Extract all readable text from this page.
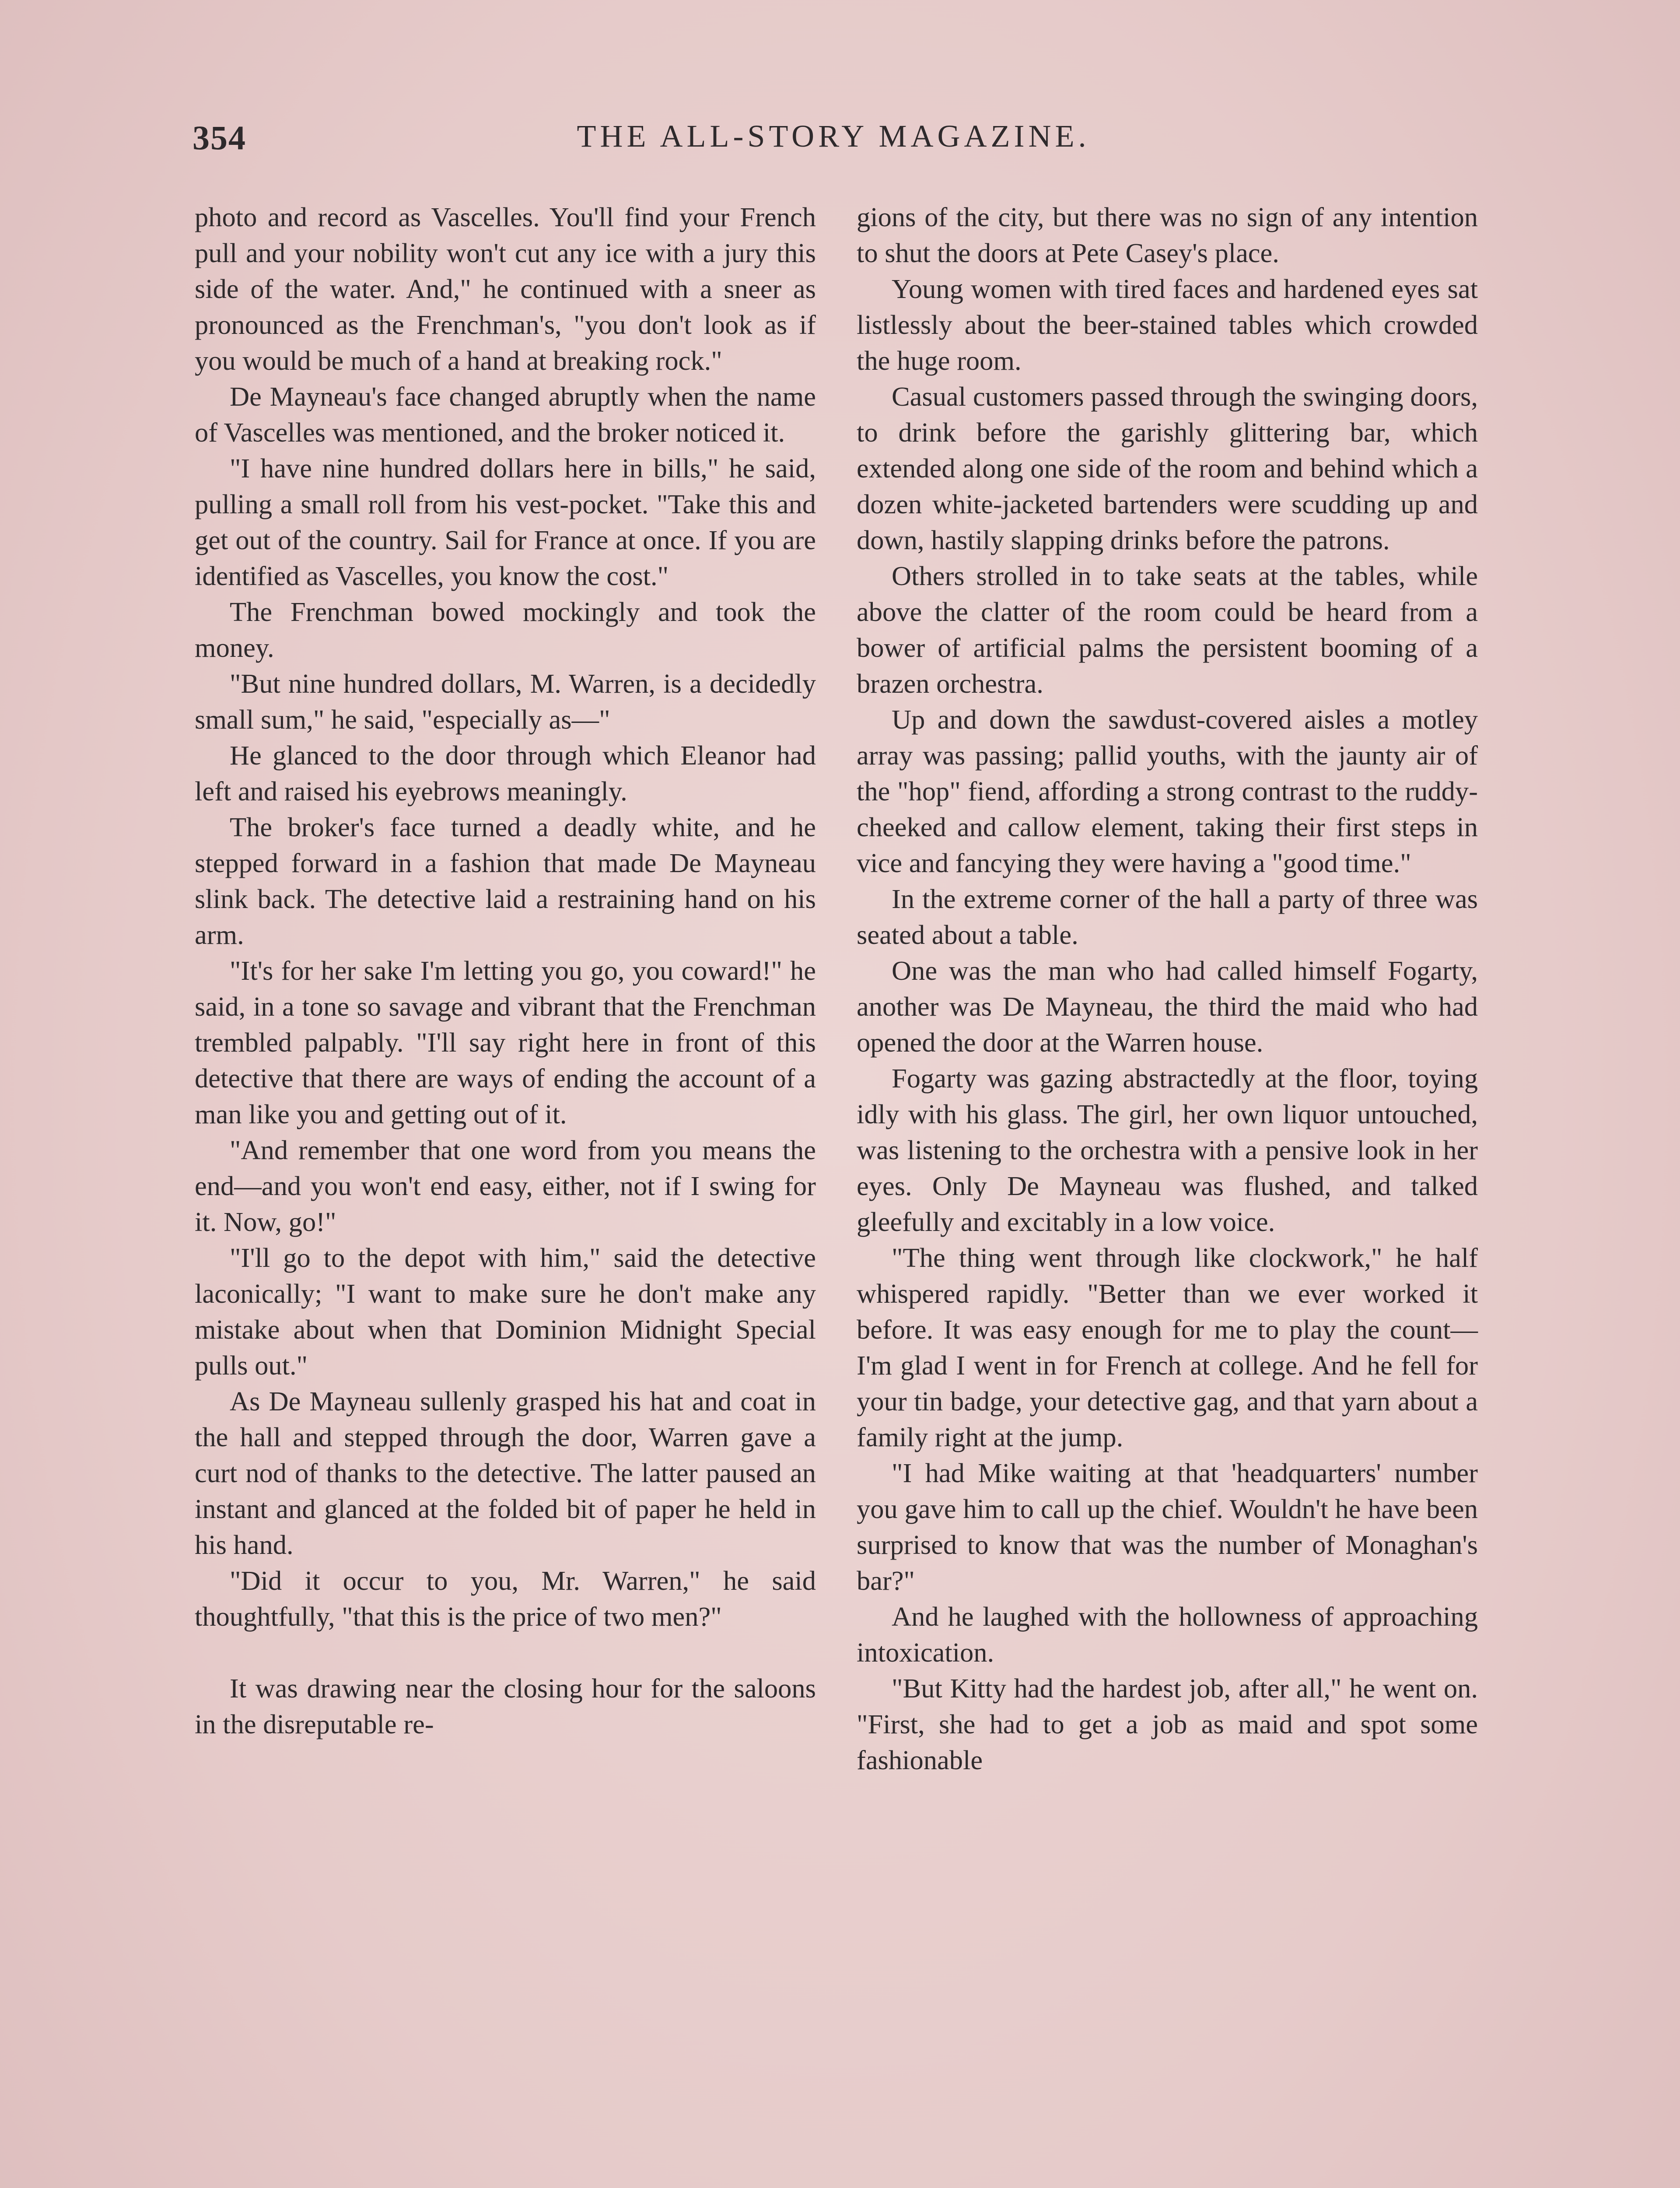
354	THE ALL-STORY MAGAZINE.

photo and record as Vascelles. You'll find your French pull and your nobility won't cut any ice with a jury this side of the water. And," he continued with a sneer as pronounced as the Frenchman's, "you don't look as if you would be much of a hand at breaking rock."

De Mayneau's face changed abruptly when the name of Vascelles was mentioned, and the broker noticed it.

"I have nine hundred dollars here in bills," he said, pulling a small roll from his vest-pocket. "Take this and get out of the country. Sail for France at once. If you are identified as Vascelles, you know the cost."

The Frenchman bowed mockingly and took the money.

"But nine hundred dollars, M. Warren, is a decidedly small sum," he said, "especially as—"

He glanced to the door through which Eleanor had left and raised his eyebrows meaningly.

The broker's face turned a deadly white, and he stepped forward in a fashion that made De Mayneau slink back. The detective laid a restraining hand on his arm.

"It's for her sake I'm letting you go, you coward!" he said, in a tone so savage and vibrant that the Frenchman trembled palpably. "I'll say right here in front of this detective that there are ways of ending the account of a man like you and getting out of it.

"And remember that one word from you means the end—and you won't end easy, either, not if I swing for it. Now, go!"

"I'll go to the depot with him," said the detective laconically; "I want to make sure he don't make any mistake about when that Dominion Midnight Special pulls out."

As De Mayneau sullenly grasped his hat and coat in the hall and stepped through the door, Warren gave a curt nod of thanks to the detective. The latter paused an instant and glanced at the folded bit of paper he held in his hand.

"Did it occur to you, Mr. Warren," he said thoughtfully, "that this is the price of two men?"

It was drawing near the closing hour for the saloons in the disreputable re-

gions of the city, but there was no sign of any intention to shut the doors at Pete Casey's place.

Young women with tired faces and hardened eyes sat listlessly about the beer-stained tables which crowded the huge room.

Casual customers passed through the swinging doors, to drink before the garishly glittering bar, which extended along one side of the room and behind which a dozen white-jacketed bartenders were scudding up and down, hastily slapping drinks before the patrons.

Others strolled in to take seats at the tables, while above the clatter of the room could be heard from a bower of artificial palms the persistent booming of a brazen orchestra.

Up and down the sawdust-covered aisles a motley array was passing; pallid youths, with the jaunty air of the "hop" fiend, affording a strong contrast to the ruddy-cheeked and callow element, taking their first steps in vice and fancying they were having a "good time."

In the extreme corner of the hall a party of three was seated about a table.

One was the man who had called himself Fogarty, another was De Mayneau, the third the maid who had opened the door at the Warren house.

Fogarty was gazing abstractedly at the floor, toying idly with his glass. The girl, her own liquor untouched, was listening to the orchestra with a pensive look in her eyes. Only De Mayneau was flushed, and talked gleefully and excitably in a low voice.

"The thing went through like clockwork," he half whispered rapidly. "Better than we ever worked it before. It was easy enough for me to play the count—I'm glad I went in for French at college. And he fell for your tin badge, your detective gag, and that yarn about a family right at the jump.

"I had Mike waiting at that 'headquarters' number you gave him to call up the chief. Wouldn't he have been surprised to know that was the number of Monaghan's bar?"

And he laughed with the hollowness of approaching intoxication.

"But Kitty had the hardest job, after all," he went on. "First, she had to get a job as maid and spot some fashionable
